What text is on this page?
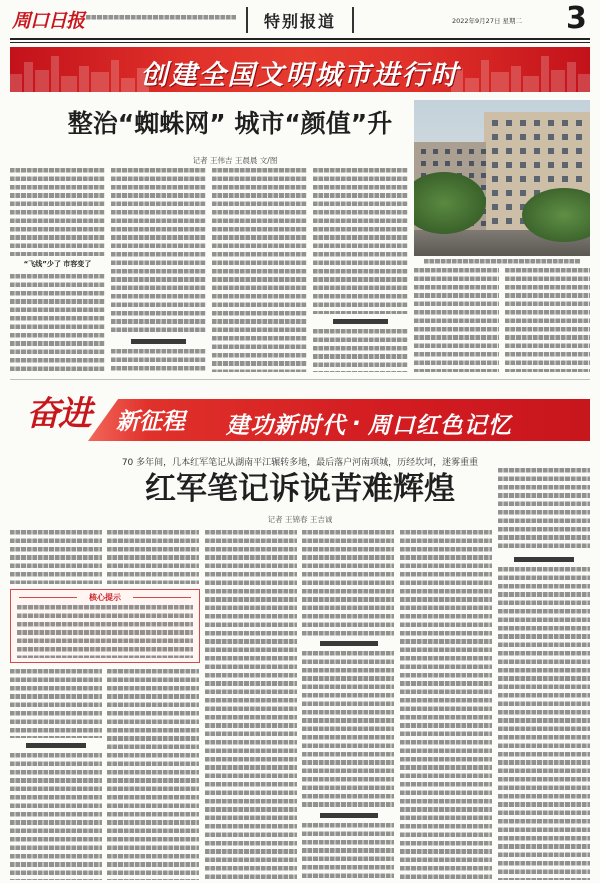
周口日报	特别报道	2022年9月27日 星期二	3
创建全国文明城市进行时
整治“蜘蛛网” 城市“颜值”升
记者 王伟吉 王晨晨 文/图
“飞线”少了 市容变了
奋进 新征程 建功新时代 · 周口红色记忆
70 多年间，几本红军笔记从湖南平江辗转多地，最后落户河南项城，历经坎坷，迷雾重重
红军笔记诉说苦难辉煌
记者 王锦春 王吉诚
核心提示
